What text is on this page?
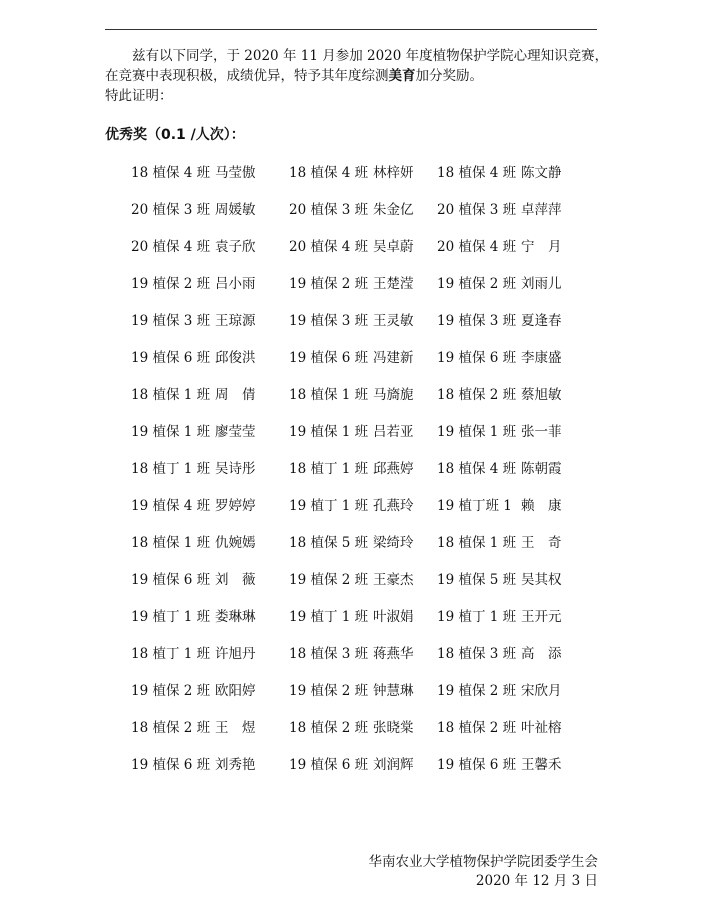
兹有以下同学，于 2020 年 11 月参加 2020 年度植物保护学院心理知识竞赛，

在竞赛中表现积极，成绩优异，特予其年度综测美育加分奖励。

特此证明：

优秀奖（0.1 /人次）：
18 植保 4 班 马莹傲 18 植保 4 班 林梓妍 18 植保 4 班 陈文静
20 植保 3 班 周媛敏 20 植保 3 班 朱金亿 20 植保 3 班 卓萍萍
20 植保 4 班 袁子欣 20 植保 4 班 吴卓蔚 20 植保 4 班 宁　月
19 植保 2 班 吕小雨 19 植保 2 班 王楚滢 19 植保 2 班 刘雨儿
19 植保 3 班 王琼源 19 植保 3 班 王灵敏 19 植保 3 班 夏逢春
19 植保 6 班 邱俊洪 19 植保 6 班 冯建新 19 植保 6 班 李康盛
18 植保 1 班 周　倩 18 植保 1 班 马旖旎 18 植保 2 班 蔡旭敏
19 植保 1 班 廖莹莹 19 植保 1 班 吕若亚 19 植保 1 班 张一菲
18 植丁 1 班 吴诗彤 18 植丁 1 班 邱燕婷 18 植保 4 班 陈朝霞
19 植保 4 班 罗婷婷 19 植丁 1 班 孔燕玲 19 植丁班 1 赖　康
18 植保 1 班 仇婉嫣 18 植保 5 班 梁绮玲 18 植保 1 班 王　奇
19 植保 6 班 刘　薇 19 植保 2 班 王豪杰 19 植保 5 班 吴其权
19 植丁 1 班 娄琳琳 19 植丁 1 班 叶淑娟 19 植丁 1 班 王开元
18 植丁 1 班 许旭丹 18 植保 3 班 蒋燕华 18 植保 3 班 高　添
19 植保 2 班 欧阳婷 19 植保 2 班 钟慧琳 19 植保 2 班 宋欣月
18 植保 2 班 王　煜 18 植保 2 班 张晓棠 18 植保 2 班 叶祉榕
19 植保 6 班 刘秀艳 19 植保 6 班 刘润辉 19 植保 6 班 王馨禾
华南农业大学植物保护学院团委学生会
2020 年 12 月 3 日
